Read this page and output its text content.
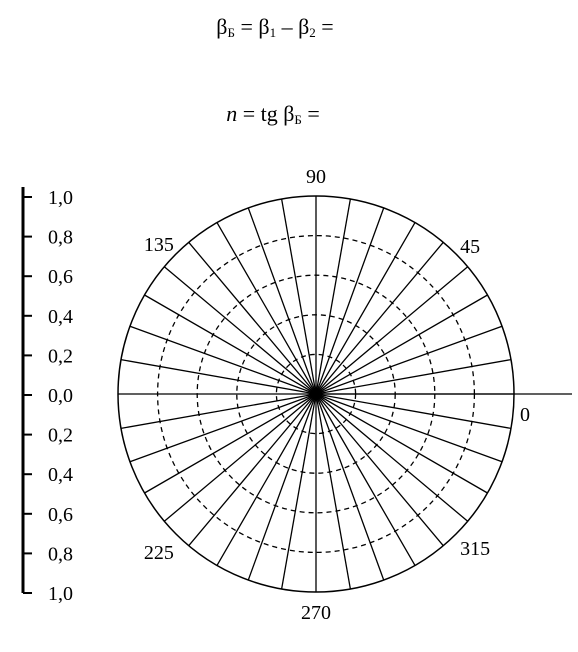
$\beta_Б = \beta_1 - \beta_2$ =
n = tg $\beta_Б$ =
1,0
0,8
0,6
0,4
0,2
0,0
0,2
0,4
0,6
0,8
1,0
0
45
90
135
225
270
315
